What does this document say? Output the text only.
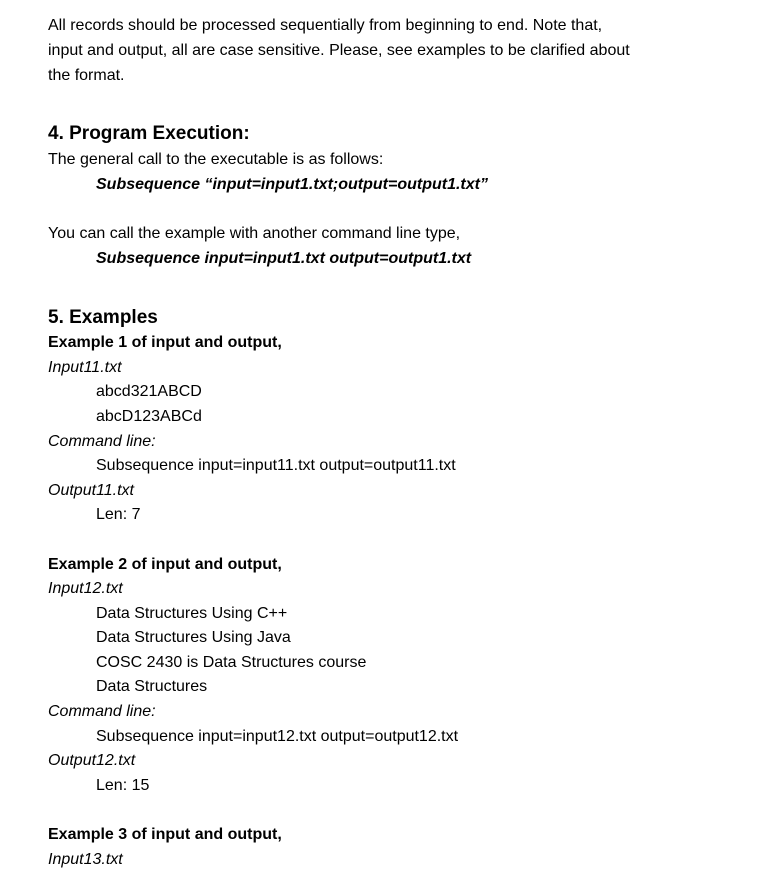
All records should be processed sequentially from beginning to end. Note that,
input and output, all are case sensitive. Please, see examples to be clarified about
the format.
4. Program Execution:
The general call to the executable is as follows:
Subsequence “input=input1.txt;output=output1.txt”
You can call the example with another command line type,
Subsequence input=input1.txt output=output1.txt
5. Examples
Example 1 of input and output,
Input11.txt
abcd321ABCD
abcD123ABCd
Command line:
Subsequence input=input11.txt output=output11.txt
Output11.txt
Len: 7
Example 2 of input and output,
Input12.txt
Data Structures Using C++
Data Structures Using Java
COSC 2430 is Data Structures course
Data Structures
Command line:
Subsequence input=input12.txt output=output12.txt
Output12.txt
Len: 15
Example 3 of input and output,
Input13.txt
